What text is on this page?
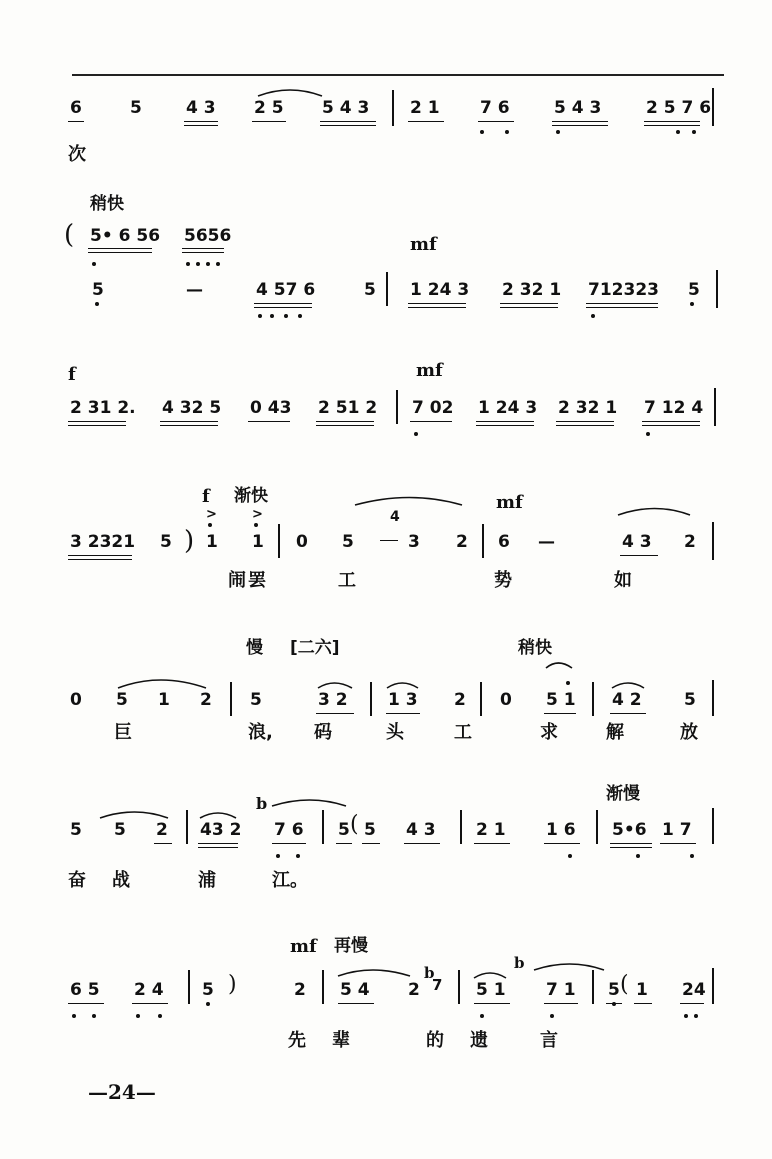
6	5	4 3 2 5 5 4 3 2 1 7 6	5 4 3	2 5 7 6
次
稍快
( 5• 6 56 5656	mf
5	—	4 57 6	5 1 24 3 2 32 1 712323 5
f	mf
2 31 2. 4 32 5 0 43 2 51 2 7 02 1 24 3 2 32 1 7 12 4
f 渐快	mf
>	>	4
3 2321 5 ) 1 1 0 5	3 2 6 —	4 3 2
闹 罢	工	势	如
慢 [二六]	稍快
0 5 1 2 5	3 2 1 3 2 0 5 1 4 2 5
巨	浪, 码	头	工	求	解	放
b	渐慢
5 5 2 43 2 7 6 5 ( 5 4 3 2 1 1 6 5•6 1 7
奋 战	浦	江。
mf 再慢
b
b
6 5 2 4 5 )	2 5 4 2 7 5 1 7 1 5 ( 1 24
先 辈	的 遗	言
—24—
